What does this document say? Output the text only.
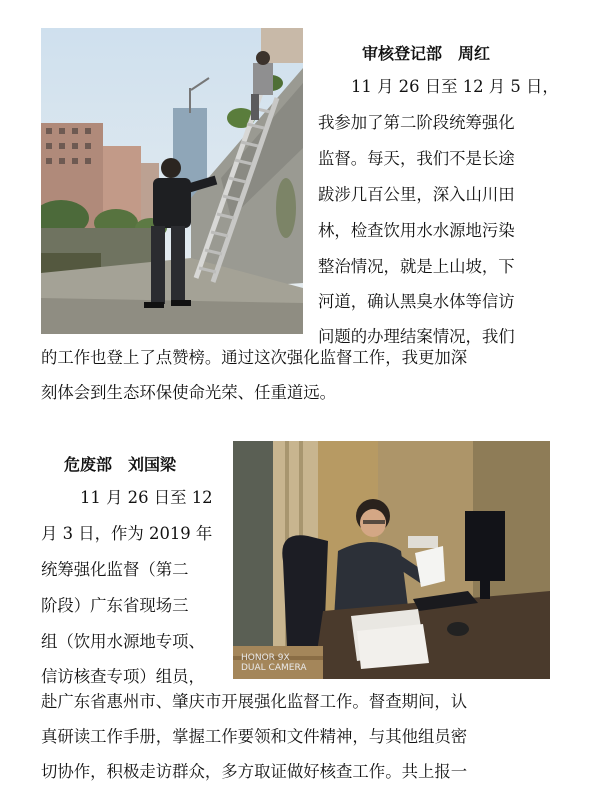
审核登记部　周红
11 月 26 日至 12 月 5 日，
我参加了第二阶段统筹强化
监督。每天，我们不是长途
跋涉几百公里，深入山川田
林，检查饮用水水源地污染
整治情况，就是上山坡，下
河道，确认黑臭水体等信访
问题的办理结案情况，我们
的工作也登上了点赞榜。通过这次强化监督工作，我更加深
刻体会到生态环保使命光荣、任重道远。
危废部　刘国梁
11 月 26 日至 12
月 3 日，作为 2019 年
统筹强化监督（第二
阶段）广东省现场三
组（饮用水源地专项、
信访核查专项）组员，
赴广东省惠州市、肇庆市开展强化监督工作。督查期间，认
真研读工作手册，掌握工作要领和文件精神，与其他组员密
切协作，积极走访群众，多方取证做好核查工作。共上报一
HONOR 9X
DUAL CAMERA
